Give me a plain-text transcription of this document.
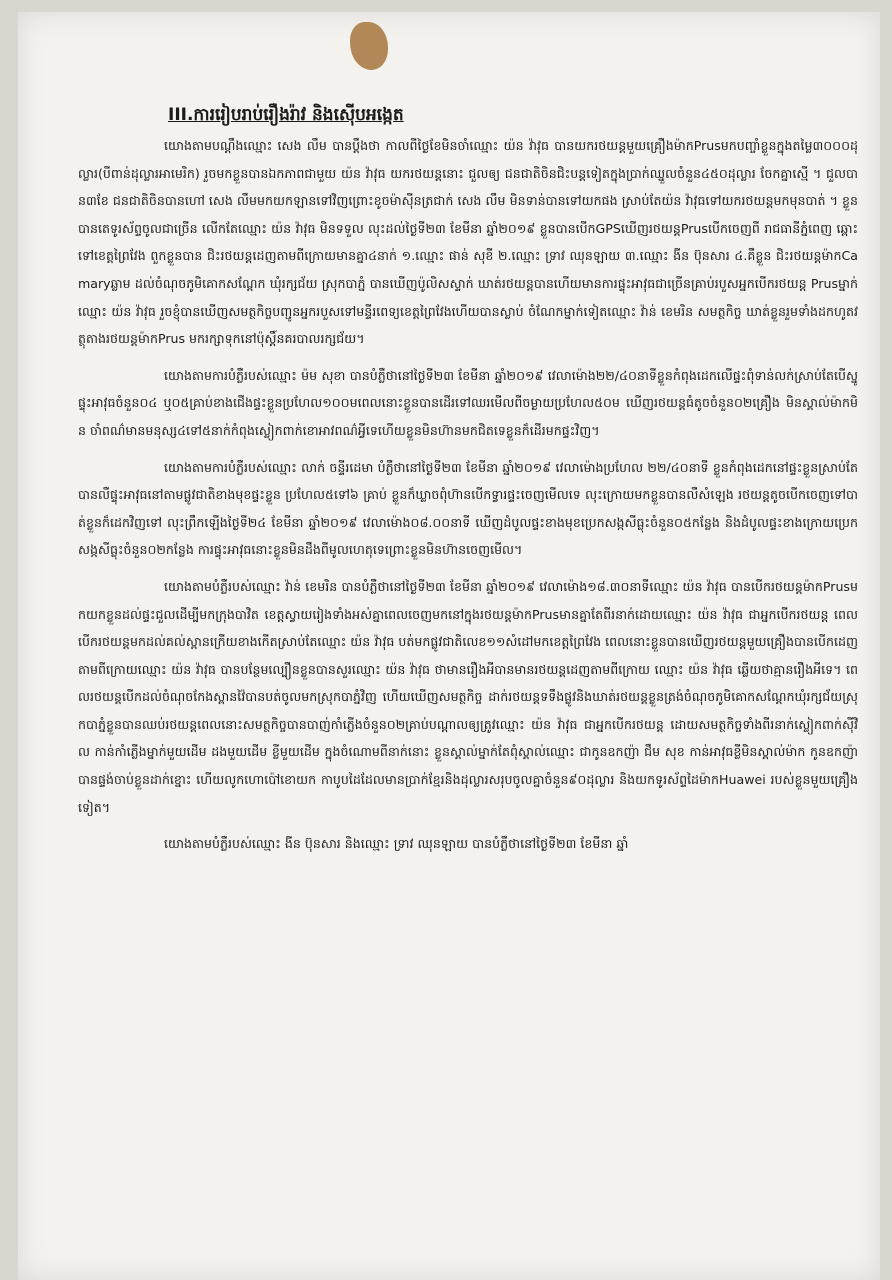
III.ការរៀបរាប់រឿងរ៉ាវ និងស៊ើបអង្កេត

យោងតាមបណ្តឹងឈ្មោះ សេង លឹម បានប្តឹងថា កាលពីថ្ងៃខែមិនចាំឈ្មោះ យ៉ន វ៉ាវុធ បានយករថយន្តមួយគ្រឿងម៉ាកPrusមកបញ្ចាំខ្លួនក្នុងតម្លៃ៣០០០ដុល្លារ(បីពាន់ដុល្លារអាមេរិក) រួចមកខ្លួនបានឯកភាពជាមួយ យ៉ន វ៉ាវុធ យករថយន្តនោះ ជួលឲ្យ ជនជាតិចិនជិះបន្តទៀតក្នុងប្រាក់ឈ្នួលចំនួន៤៥០ដុល្លារ ចែកគ្នាស្មើ ។ ជួលបាន៣ខែ ជនជាតិចិនបានហៅ សេង លឹមមកយកឡានទៅវិញព្រោះខូចម៉ាស៊ីនត្រជាក់ សេង លឹម មិនទាន់បានទៅយកផង ស្រាប់តែយ៉ន វ៉ាវុធទៅយករថយន្តមកមុនបាត់ ។ ខ្លួនបានតេទូរស័ព្ទចូលជាច្រើន លើកតែឈ្មោះ យ៉ន វ៉ាវុធ មិនទទួល លុះដល់ថ្ងៃទី២៣ ខែមីនា ឆ្នាំ២០១៩ ខ្លួនបានបើកGPSឃើញរថយន្តPrusបើកចេញពី រាជធានីភ្នំពេញ ឆ្ពោះទៅខេត្តព្រៃវែង ពួកខ្លួនបាន ជិះរថយន្តដេញតាមពីក្រោយមានគ្នា៤នាក់ ១.ឈ្មោះ ផាន់ សុខី ២.ឈ្មោះ ទ្រាវ ឈុនឡាយ ៣.ឈ្មោះ ងីន ប៊ុនសារ ៤.គឺខ្លួន ជិះរថយន្តម៉ាកCamaryឆ្លាម ដល់ចំណុចភូមិគោកសណ្តែក ឃុំរក្សជ័យ ស្រុកបាភ្នំ បានឃើញប៉ូលិសស្ទាក់ ឃាត់រថយន្តបានហើយមានការផ្ទុះអាវុធជាច្រើនគ្រាប់របួសអ្នកបើករថយន្ត Prusម្នាក់ឈ្មោះ យ៉ន វ៉ាវុធ រួចខ្ញុំបានឃើញសមត្ថកិច្ចបញ្ជូនអ្នករបួសទៅមន្ទីរពេទ្យខេត្តព្រៃវែងហើយបានស្លាប់ ចំណែកម្នាក់ទៀតឈ្មោះ វ៉ាន់ ខេមរិន សមត្ថកិច្ច ឃាត់ខ្លួនរួមទាំងដកហូតវត្ថុតាងរថយន្តម៉ាកPrus មករក្សាទុកនៅប៉ុស្តិ៍នគរបាលរក្សជ័យ។

យោងតាមការបំភ្លឺរបស់ឈ្មោះ ម៉ម សុខា បានបំភ្លឺថានៅថ្ងៃទី២៣ ខែមីនា ឆ្នាំ២០១៩ វេលាម៉ោង២២/៤០នាទីខ្លួនកំពុងដេកលើផ្ទះពុំទាន់លក់ស្រាប់តែបើស្នូផ្ទុះអាវុធចំនួន០៤ ឬ០៥គ្រាប់ខាងជើងផ្ទះខ្លួនប្រហែល១០០មពេលនោះខ្លួនបានដើរទៅឈរមើលពីចម្ងាយប្រហែល៥០ម ឃើញរថយន្តធំតូចចំនួន០២គ្រឿង មិនស្គាល់ម៉ាកមិន ចាំពណ៌មានមនុស្ស៤ទៅ៥នាក់កំពុងស្លៀកពាក់ខោអាវពណ៌អ្វីទេហើយខ្លួនមិនហ៊ានមកជិតទេខ្លួនក៏ដើរមកផ្ទះវិញ។

យោងតាមការបំភ្លឺរបស់ឈ្មោះ លាក់ ចន្ទីរដេមា បំភ្លឺថានៅថ្ងៃទី២៣ ខែមីនា ឆ្នាំ២០១៩ វេលាម៉ោងប្រហែល ២២/៤០នាទី ខ្លួនកំពុងដេកនៅផ្ទះខ្លួនស្រាប់តែ បានលឺផ្ទុះអាវុធនៅតាមផ្លូវជាតិខាងមុខផ្ទះខ្លួន ប្រហែល៥ទៅ៦ គ្រាប់ ខ្លួនក៏ឃ្លាចពុំហ៊ានបើកទ្វារផ្ទះចេញមើលទេ លុះក្រោយមកខ្លួនបានលឺសំឡេង រថយន្តតូចបើកចេញទៅបាត់ខ្លួនក៏ដេកវិញទៅ លុះព្រឹកឡើងថ្ងៃទី២៤ ខែមីនា ឆ្នាំ២០១៩ វេលាម៉ោង០៨.០០នាទី ឃើញដំបូលផ្ទះខាងមុខប្រេកសង្កសីធ្លុះចំនួន០៥កន្លែង និងដំបូលផ្ទះខាងក្រោយប្រេកសង្កសីធ្លុះចំនួន០២កន្លែង ការផ្ទុះអាវុធនោះខ្លួនមិនដឹងពីមូលហេតុទេព្រោះខ្លួនមិនហ៊ានចេញមើល។

យោងតាមបំភ្លឺរបស់ឈ្មោះ វ៉ាន់ ខេមរិន បានបំភ្លឺថានៅថ្ងៃទី២៣ ខែមីនា ឆ្នាំ២០១៩ វេលាម៉ោង១៨.៣០នាទីឈ្មោះ យ៉ន វ៉ាវុធ បានបើករថយន្តម៉ាកPrusមកយកខ្លួនដល់ផ្ទះជួលដើម្បីមកក្រុងបាវិត ខេត្តស្វាយរៀងទាំងអស់គ្នាពេលចេញមកនៅក្នុងរថយន្តម៉ាកPrusមានគ្នាតែពីរនាក់ដោយឈ្មោះ យ៉ន វ៉ាវុធ ជាអ្នកបើករថយន្ត ពេលបើករថយន្តមកដល់គល់ស្ពានក្រើយខាងកើតស្រាប់តែឈ្មោះ យ៉ន វ៉ាវុធ បត់មកផ្លូវជាតិលេខ១១សំដៅមកខេត្តព្រៃវែង ពេលនោះខ្លួនបានឃើញរថយន្តមួយគ្រឿងបានបើកដេញតាមពីក្រោយឈ្មោះ យ៉ន វ៉ាវុធ បានបន្ថែមល្បឿនខ្លួនបានសួរឈ្មោះ យ៉ន វ៉ាវុធ ថាមានរឿងអីបានមានរថយន្តដេញតាមពីក្រោយ ឈ្មោះ យ៉ន វ៉ាវុធ ឆ្លើយថាគ្មានរឿងអីទេ។ ពេលរថយន្តបើកដល់ចំណុចកែងស្ពានវ៉ៃបានបត់ចូលមកស្រុកបាភ្នំវិញ ហើយឃើញសមត្ថកិច្ច ដាក់រថយន្តទទឹងផ្លូវនិងឃាត់រថយន្តខ្លួនត្រង់ចំណុចភូមិគោកសណ្តែកឃុំរក្សជ័យស្រុកបាភ្នំខ្លួនបានឈប់រថយន្តពេលនោះសមត្ថកិច្ចបានបាញ់កាំភ្លើងចំនួន០២គ្រាប់បណ្តាលឲ្យត្រូវឈ្មោះ យ៉ន វ៉ាវុធ ជាអ្នកបើករថយន្ត ដោយសមត្ថកិច្ចទាំងពីរនាក់ស្លៀកពាក់ស៊ីវិល កាន់កាំភ្លើងម្នាក់មួយដើម ដងមួយដើម ខ្លីមួយដើម ក្នុងចំណោមពីនាក់នោះ ខ្លួនស្គាល់ម្នាក់តែពុំស្គាល់ឈ្មោះ ជាកូនឧកញ៉ា ជឹម សុខ កាន់អាវុធខ្លីមិនស្គាល់ម៉ាក កូនឧកញ៉ាបានផ្ទង់ចាប់ខ្លួនដាក់ខ្នោះ ហើយលូកហោប៉ៅខោយក កាបូបដៃដែលមានប្រាក់ខ្មែរនិងដុល្លារសរុបចូលគ្នាចំនួន៩០ដុល្លារ និងយកទូរស័ព្ទដៃម៉ាកHuawei របស់ខ្លួនមួយគ្រឿង ទៀត។

យោងតាមបំភ្លឺរបស់ឈ្មោះ ងីន ប៊ុនសារ និងឈ្មោះ ទ្រាវ ឈុនឡាយ បានបំភ្លឺថានៅថ្ងៃទី២៣ ខែមីនា ឆ្នាំ
